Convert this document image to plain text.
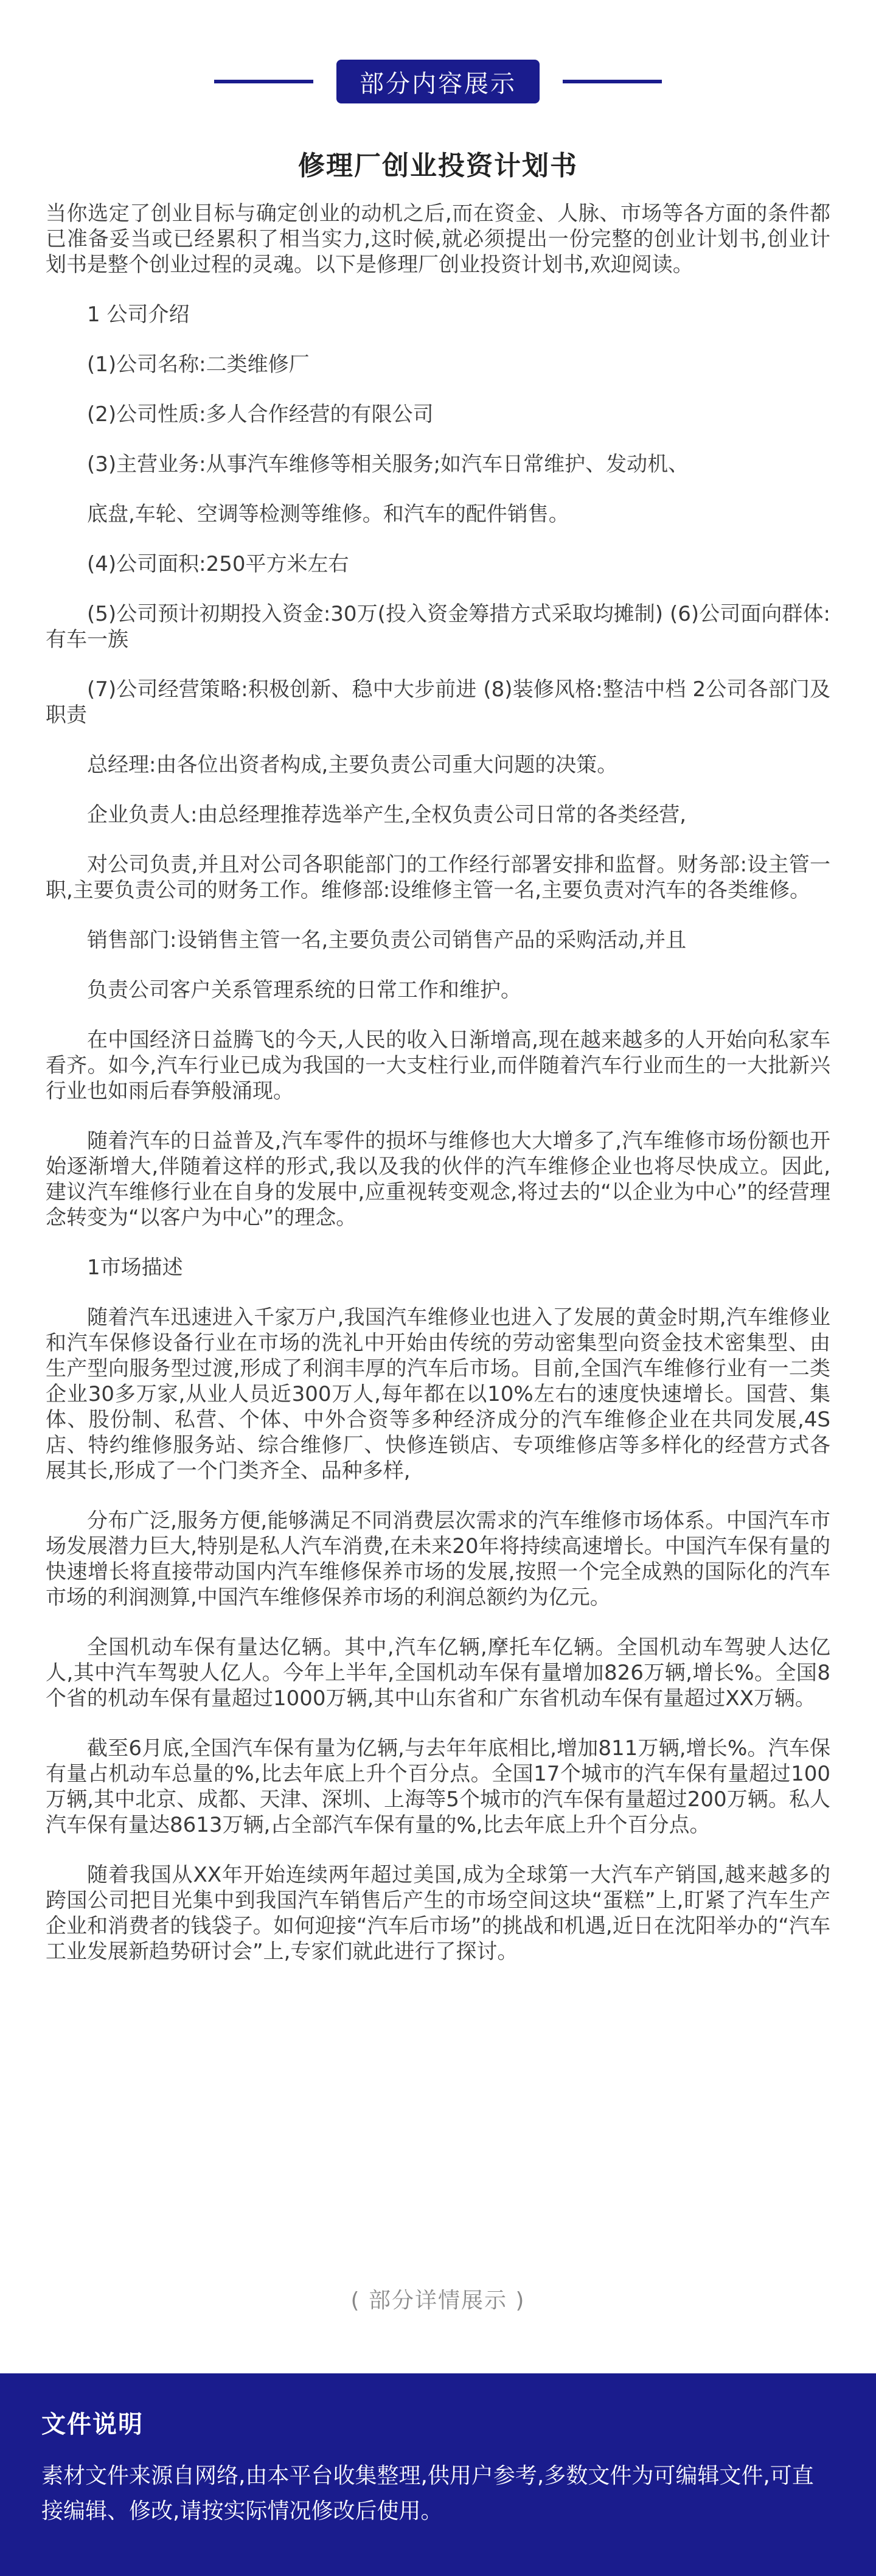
部分内容展示
修理厂创业投资计划书

当你选定了创业目标与确定创业的动机之后,而在资金、人脉、市场等各方面的条件都已准备妥当或已经累积了相当实力,这时候,就必须提出一份完整的创业计划书,创业计划书是整个创业过程的灵魂。以下是修理厂创业投资计划书,欢迎阅读。

1 公司介绍

(1)公司名称:二类维修厂

(2)公司性质:多人合作经营的有限公司

(3)主营业务:从事汽车维修等相关服务;如汽车日常维护、发动机、

底盘,车轮、空调等检测等维修。和汽车的配件销售。

(4)公司面积:250平方米左右

(5)公司预计初期投入资金:30万(投入资金筹措方式采取均摊制) (6)公司面向群体:有车一族

(7)公司经营策略:积极创新、稳中大步前进 (8)装修风格:整洁中档 2公司各部门及职责

总经理:由各位出资者构成,主要负责公司重大问题的决策。

企业负责人:由总经理推荐选举产生,全权负责公司日常的各类经营,

对公司负责,并且对公司各职能部门的工作经行部署安排和监督。财务部:设主管一职,主要负责公司的财务工作。维修部:设维修主管一名,主要负责对汽车的各类维修。

销售部门:设销售主管一名,主要负责公司销售产品的采购活动,并且

负责公司客户关系管理系统的日常工作和维护。

在中国经济日益腾飞的今天,人民的收入日渐增高,现在越来越多的人开始向私家车看齐。如今,汽车行业已成为我国的一大支柱行业,而伴随着汽车行业而生的一大批新兴行业也如雨后春笋般涌现。

随着汽车的日益普及,汽车零件的损坏与维修也大大增多了,汽车维修市场份额也开始逐渐增大,伴随着这样的形式,我以及我的伙伴的汽车维修企业也将尽快成立。因此,建议汽车维修行业在自身的发展中,应重视转变观念,将过去的“以企业为中心”的经营理念转变为“以客户为中心”的理念。

1市场描述

随着汽车迅速进入千家万户,我国汽车维修业也进入了发展的黄金时期,汽车维修业和汽车保修设备行业在市场的洗礼中开始由传统的劳动密集型向资金技术密集型、由生产型向服务型过渡,形成了利润丰厚的汽车后市场。目前,全国汽车维修行业有一二类企业30多万家,从业人员近300万人,每年都在以10%左右的速度快速增长。国营、集体、股份制、私营、个体、中外合资等多种经济成分的汽车维修企业在共同发展,4S店、特约维修服务站、综合维修厂、快修连锁店、专项维修店等多样化的经营方式各展其长,形成了一个门类齐全、品种多样,

分布广泛,服务方便,能够满足不同消费层次需求的汽车维修市场体系。中国汽车市场发展潜力巨大,特别是私人汽车消费,在未来20年将持续高速增长。中国汽车保有量的快速增长将直接带动国内汽车维修保养市场的发展,按照一个完全成熟的国际化的汽车市场的利润测算,中国汽车维修保养市场的利润总额约为亿元。

全国机动车保有量达亿辆。其中,汽车亿辆,摩托车亿辆。全国机动车驾驶人达亿人,其中汽车驾驶人亿人。今年上半年,全国机动车保有量增加826万辆,增长%。全国8个省的机动车保有量超过1000万辆,其中山东省和广东省机动车保有量超过XX万辆。

截至6月底,全国汽车保有量为亿辆,与去年年底相比,增加811万辆,增长%。汽车保有量占机动车总量的%,比去年底上升个百分点。全国17个城市的汽车保有量超过100万辆,其中北京、成都、天津、深圳、上海等5个城市的汽车保有量超过200万辆。私人汽车保有量达8613万辆,占全部汽车保有量的%,比去年底上升个百分点。

随着我国从XX年开始连续两年超过美国,成为全球第一大汽车产销国,越来越多的跨国公司把目光集中到我国汽车销售后产生的市场空间这块“蛋糕”上,盯紧了汽车生产企业和消费者的钱袋子。如何迎接“汽车后市场”的挑战和机遇,近日在沈阳举办的“汽车工业发展新趋势研讨会”上,专家们就此进行了探讨。

( 部分详情展示 )
文件说明
素材文件来源自网络,由本平台收集整理,供用户参考,多数文件为可编辑文件,可直接编辑、修改,请按实际情况修改后使用。
